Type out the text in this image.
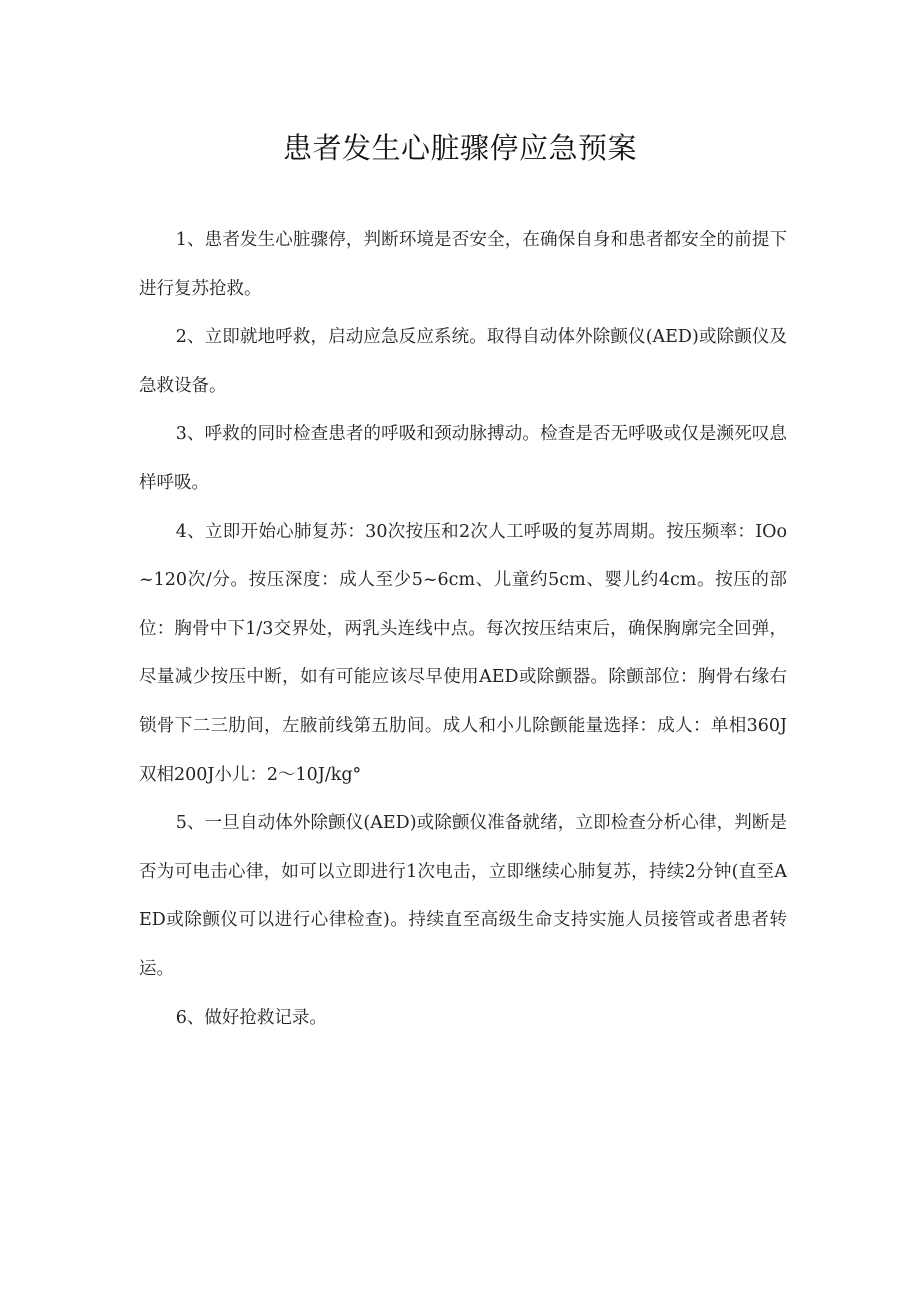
患者发生心脏骤停应急预案

1、患者发生心脏骤停，判断环境是否安全，在确保自身和患者都安全的前提下进行复苏抢救。

2、立即就地呼救，启动应急反应系统。取得自动体外除颤仪(AED)或除颤仪及急救设备。

3、呼救的同时检查患者的呼吸和颈动脉搏动。检查是否无呼吸或仅是濒死叹息样呼吸。

4、立即开始心肺复苏：30次按压和2次人工呼吸的复苏周期。按压频率：IOo~120次/分。按压深度：成人至少5~6cm、儿童约5cm、婴儿约4cm。按压的部位：胸骨中下1/3交界处，两乳头连线中点。每次按压结束后，确保胸廓完全回弹，尽量减少按压中断，如有可能应该尽早使用AED或除颤器。除颤部位：胸骨右缘右锁骨下二三肋间，左腋前线第五肋间。成人和小儿除颤能量选择：成人：单相360J双相200J小儿：2～10J/kg°

5、一旦自动体外除颤仪(AED)或除颤仪准备就绪，立即检查分析心律，判断是否为可电击心律，如可以立即进行1次电击，立即继续心肺复苏，持续2分钟(直至AED或除颤仪可以进行心律检查)。持续直至高级生命支持实施人员接管或者患者转运。

6、做好抢救记录。
